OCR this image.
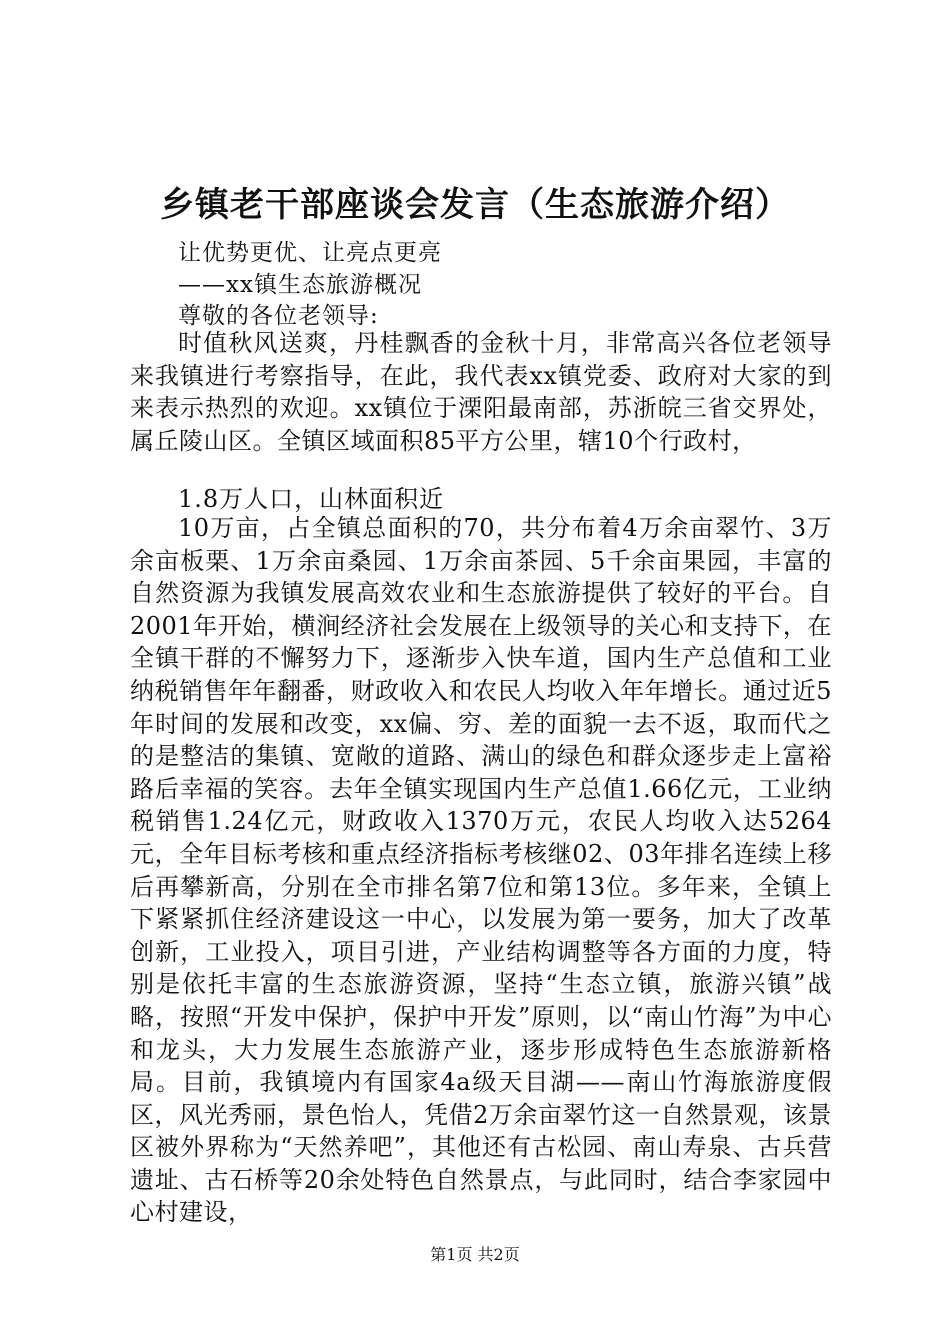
乡镇老干部座谈会发言（生态旅游介绍）
让优势更优、让亮点更亮
——xx镇生态旅游概况
尊敬的各位老领导:

时值秋风送爽，丹桂飘香的金秋十月，非常高兴各位老领导来我镇进行考察指导，在此，我代表xx镇党委、政府对大家的到来表示热烈的欢迎。xx镇位于溧阳最南部，苏浙皖三省交界处，属丘陵山区。全镇区域面积85平方公里，辖10个行政村，

1.8万人口，山林面积近

10万亩，占全镇总面积的70，共分布着4万余亩翠竹、3万余亩板栗、1万余亩桑园、1万余亩茶园、5千余亩果园，丰富的自然资源为我镇发展高效农业和生态旅游提供了较好的平台。自2001年开始，横涧经济社会发展在上级领导的关心和支持下，在全镇干群的不懈努力下，逐渐步入快车道，国内生产总值和工业纳税销售年年翻番，财政收入和农民人均收入年年增长。通过近5年时间的发展和改变，xx偏、穷、差的面貌一去不返，取而代之的是整洁的集镇、宽敞的道路、满山的绿色和群众逐步走上富裕路后幸福的笑容。去年全镇实现国内生产总值1.66亿元，工业纳税销售1.24亿元，财政收入1370万元，农民人均收入达5264元，全年目标考核和重点经济指标考核继02、03年排名连续上移后再攀新高，分别在全市排名第7位和第13位。多年来，全镇上下紧紧抓住经济建设这一中心，以发展为第一要务，加大了改革创新，工业投入，项目引进，产业结构调整等各方面的力度，特别是依托丰富的生态旅游资源，坚持“生态立镇，旅游兴镇”战略，按照“开发中保护，保护中开发”原则，以“南山竹海”为中心和龙头，大力发展生态旅游产业，逐步形成特色生态旅游新格局。目前，我镇境内有国家4a级天目湖——南山竹海旅游度假区，风光秀丽，景色怡人，凭借2万余亩翠竹这一自然景观，该景区被外界称为“天然养吧”，其他还有古松园、南山寿泉、古兵营遗址、古石桥等20余处特色自然景点，与此同时，结合李家园中心村建设，

第1页 共2页
